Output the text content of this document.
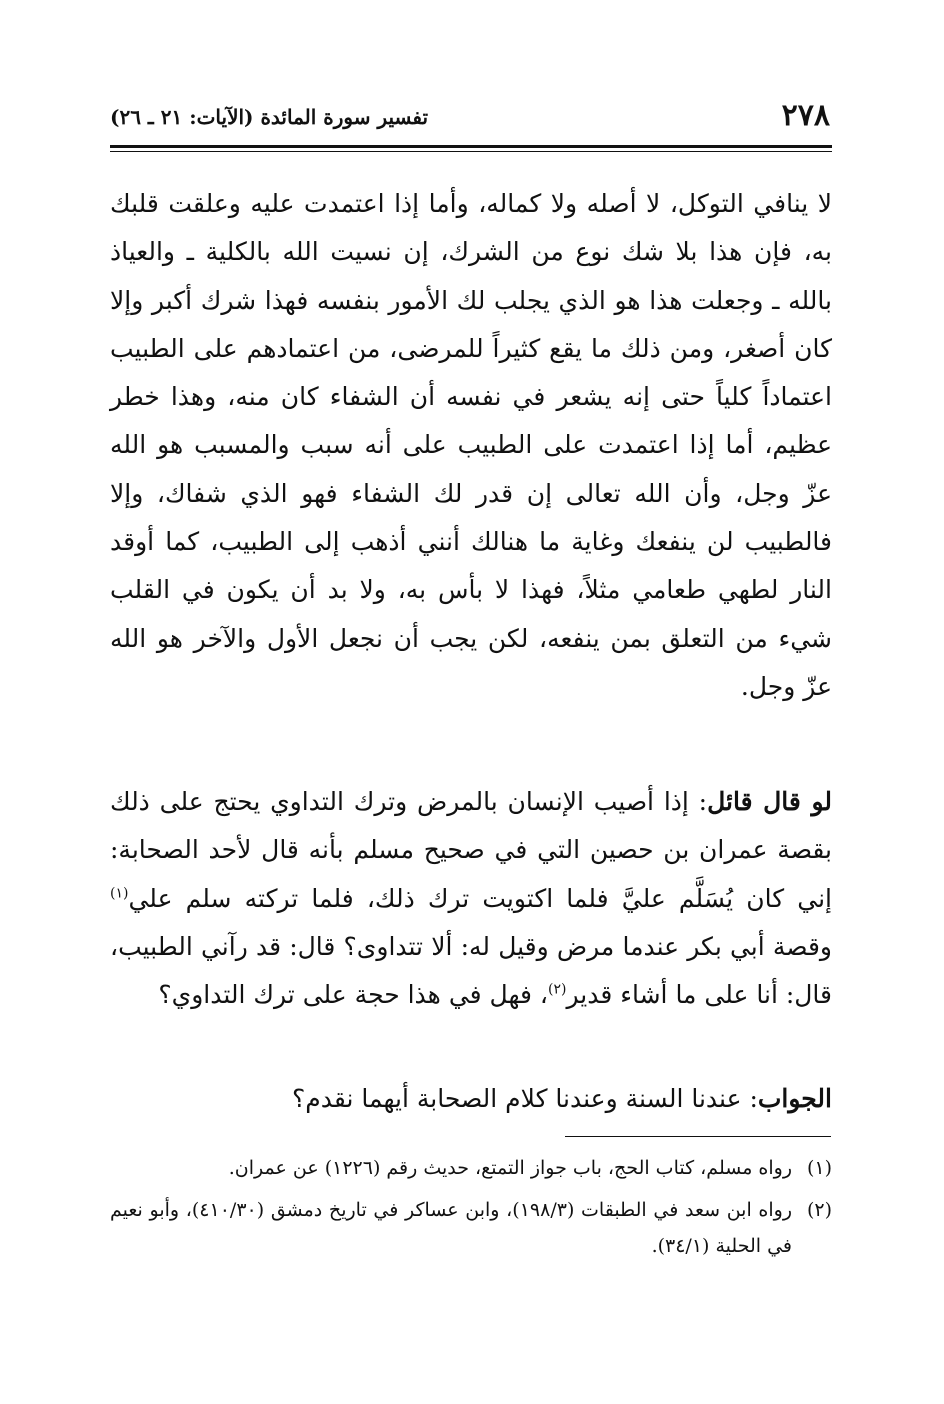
٢٧٨
تفسير سورة المائدة (الآيات: ٢١ ـ ٢٦)

لا ينافي التوكل، لا أصله ولا كماله، وأما إذا اعتمدت عليه وعلقت قلبك به، فإن هذا بلا شك نوع من الشرك، إن نسيت الله بالكلية ـ والعياذ بالله ـ وجعلت هذا هو الذي يجلب لك الأمور بنفسه فهذا شرك أكبر وإلا كان أصغر، ومن ذلك ما يقع كثيراً للمرضى، من اعتمادهم على الطبيب اعتماداً كلياً حتى إنه يشعر في نفسه أن الشفاء كان منه، وهذا خطر عظيم، أما إذا اعتمدت على الطبيب على أنه سبب والمسبب هو الله عزّ وجل، وأن الله تعالى إن قدر لك الشفاء فهو الذي شفاك، وإلا فالطبيب لن ينفعك وغاية ما هنالك أنني أذهب إلى الطبيب، كما أوقد النار لطهي طعامي مثلاً، فهذا لا بأس به، ولا بد أن يكون في القلب شيء من التعلق بمن ينفعه، لكن يجب أن نجعل الأول والآخر هو الله عزّ وجل.

لو قال قائل: إذا أصيب الإنسان بالمرض وترك التداوي يحتج على ذلك بقصة عمران بن حصين التي في صحيح مسلم بأنه قال لأحد الصحابة: إني كان يُسَلَّم عليَّ فلما اكتويت ترك ذلك، فلما تركته سلم علي$^{(١)}$ وقصة أبي بكر عندما مرض وقيل له: ألا تتداوى؟ قال: قد رآني الطبيب، قال: أنا على ما أشاء قدير$^{(٢)}$، فهل في هذا حجة على ترك التداوي؟

الجواب: عندنا السنة وعندنا كلام الصحابة أيهما نقدم؟

(١)رواه مسلم، كتاب الحج، باب جواز التمتع، حديث رقم (١٢٢٦) عن عمران.

(٢)رواه ابن سعد في الطبقات (١٩٨/٣)، وابن عساكر في تاريخ دمشق (٤١٠/٣٠)، وأبو نعيم في الحلية (٣٤/١).
